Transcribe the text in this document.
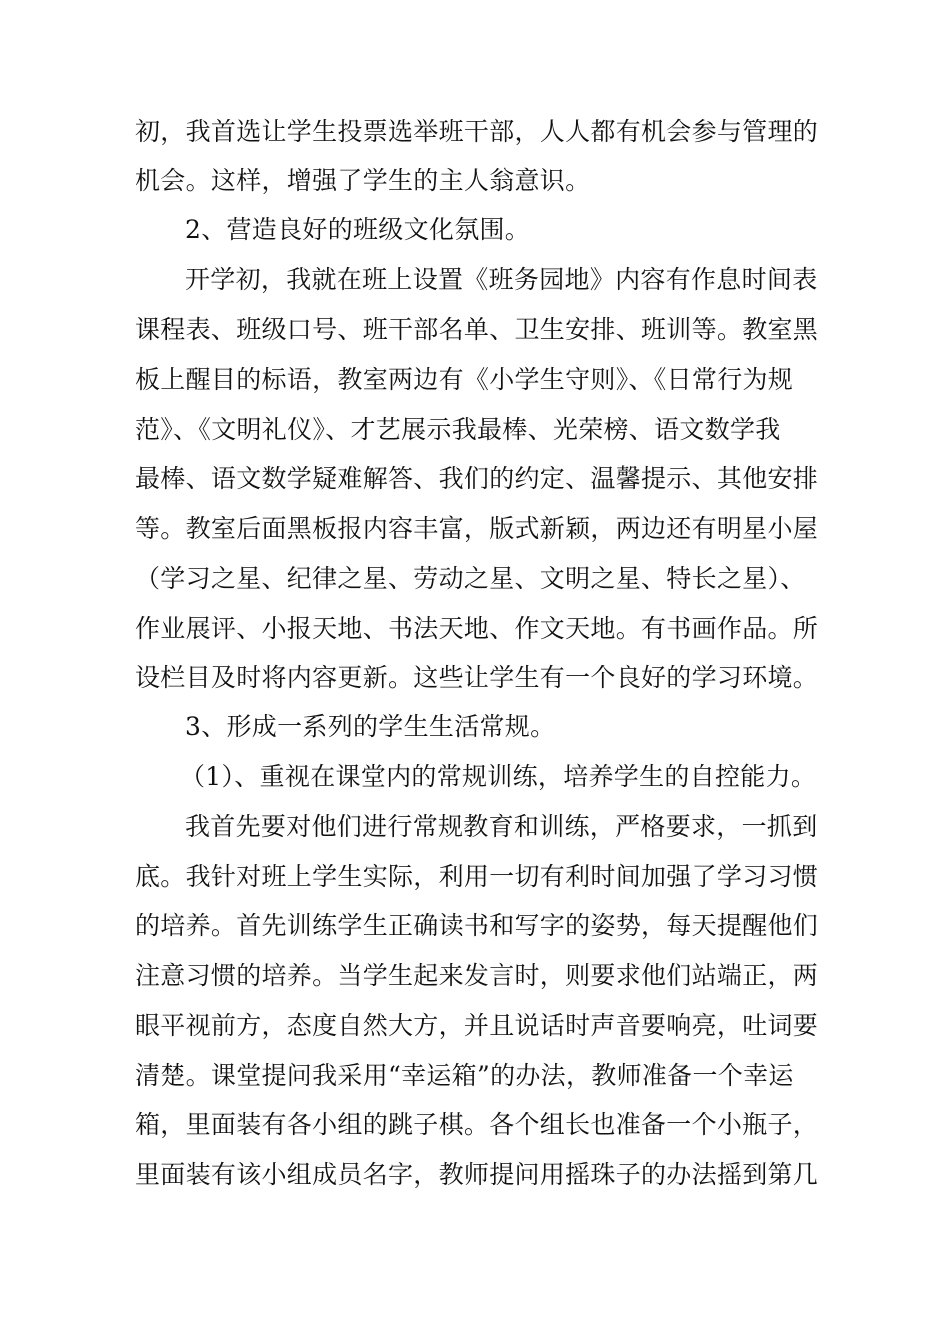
初，我首选让学生投票选举班干部，人人都有机会参与管理的
机会。这样，增强了学生的主人翁意识。
2、营造良好的班级文化氛围。
开学初，我就在班上设置《班务园地》内容有作息时间表
课程表、班级口号、班干部名单、卫生安排、班训等。教室黑
板上醒目的标语，教室两边有《小学生守则》、《日常行为规
范》、《文明礼仪》、才艺展示我最棒、光荣榜、语文数学我
最棒、语文数学疑难解答、我们的约定、温馨提示、其他安排
等。教室后面黑板报内容丰富，版式新颖，两边还有明星小屋
（学习之星、纪律之星、劳动之星、文明之星、特长之星）、
作业展评、小报天地、书法天地、作文天地。有书画作品。所
设栏目及时将内容更新。这些让学生有一个良好的学习环境。
3、形成一系列的学生生活常规。
（1）、重视在课堂内的常规训练，培养学生的自控能力。
我首先要对他们进行常规教育和训练，严格要求，一抓到
底。我针对班上学生实际，利用一切有利时间加强了学习习惯
的培养。首先训练学生正确读书和写字的姿势，每天提醒他们
注意习惯的培养。当学生起来发言时，则要求他们站端正，两
眼平视前方，态度自然大方，并且说话时声音要响亮，吐词要
清楚。课堂提问我采用“幸运箱”的办法，教师准备一个幸运
箱，里面装有各小组的跳子棋。各个组长也准备一个小瓶子，
里面装有该小组成员名字，教师提问用摇珠子的办法摇到第几
